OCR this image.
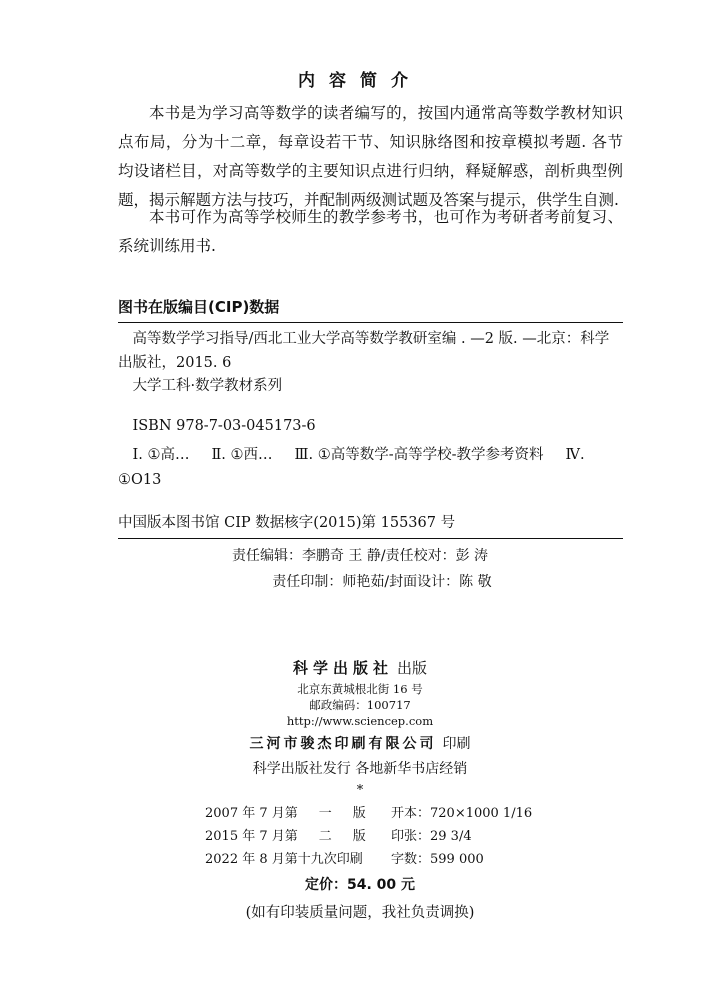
内容简介

本书是为学习高等数学的读者编写的，按国内通常高等数学教材知识点布局，分为十二章，每章设若干节、知识脉络图和按章模拟考题. 各节均设诸栏目，对高等数学的主要知识点进行归纳，释疑解惑，剖析典型例题，揭示解题方法与技巧，并配制两级测试题及答案与提示，供学生自测.

本书可作为高等学校师生的教学参考书，也可作为考研者考前复习、系统训练用书.

图书在版编目(CIP)数据

高等数学学习指导/西北工业大学高等数学教研室编 . —2 版. —北京：科学出版社，2015. 6

大学工科·数学教材系列
ISBN 978-7-03-045173-6

Ⅰ. ①高… Ⅱ. ①西… Ⅲ. ①高等数学-高等学校-教学参考资料 Ⅳ. ①O13

中国版本图书馆 CIP 数据核字(2015)第 155367 号
责任编辑：李鹏奇 王 静/责任校对：彭 涛
责任印制：师艳茹/封面设计：陈 敬
科学出版社 出版
北京东黄城根北街 16 号
邮政编码：100717
http://www.sciencep.com
三河市骏杰印刷有限公司 印刷
科学出版社发行 各地新华书店经销
*
2007 年 7 月第 一 版	开本：720×1000 1/16
2015 年 7 月第 二 版	印张：29 3/4
2022 年 8 月第十九次印刷	字数：599 000
定价：54. 00 元
(如有印装质量问题，我社负责调换)
